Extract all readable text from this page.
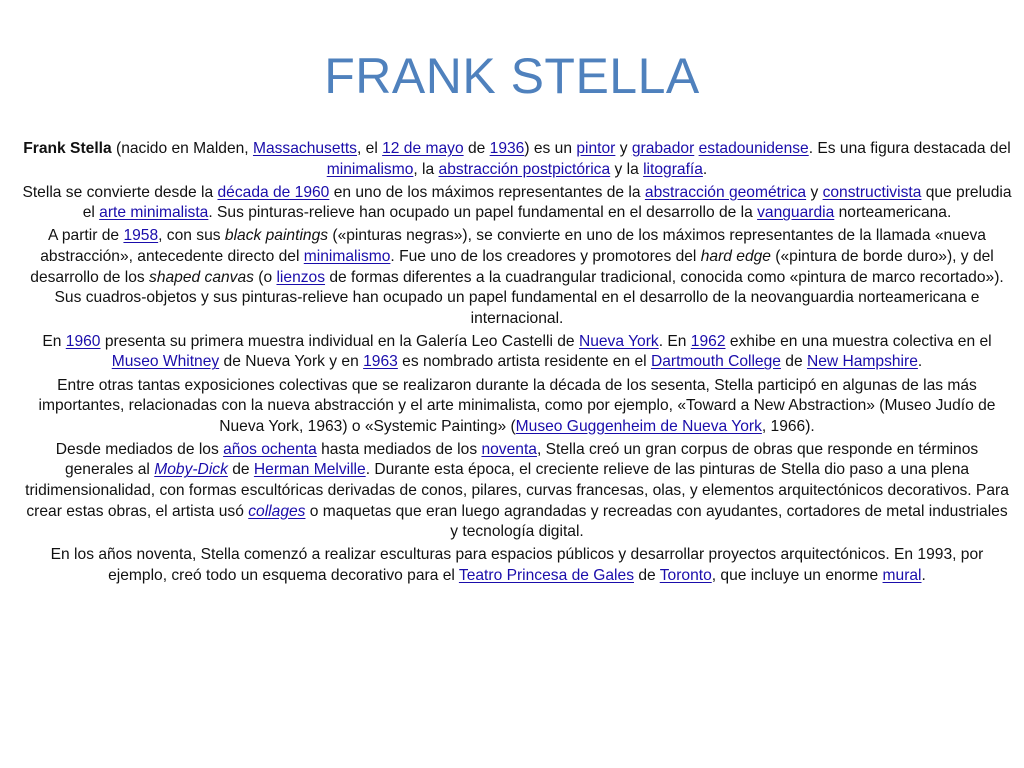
FRANK STELLA

Frank Stella (nacido en Malden, Massachusetts, el 12 de mayo de 1936) es un pintor y grabador estadounidense. Es una figura destacada del minimalismo, la abstracción postpictórica y la litografía.

Stella se convierte desde la década de 1960 en uno de los máximos representantes de la abstracción geométrica y constructivista que preludia el arte minimalista. Sus pinturas-relieve han ocupado un papel fundamental en el desarrollo de la vanguardia norteamericana.

A partir de 1958, con sus black paintings («pinturas negras»), se convierte en uno de los máximos representantes de la llamada «nueva abstracción», antecedente directo del minimalismo. Fue uno de los creadores y promotores del hard edge («pintura de borde duro»), y del desarrollo de los shaped canvas (o lienzos de formas diferentes a la cuadrangular tradicional, conocida como «pintura de marco recortado»). Sus cuadros-objetos y sus pinturas-relieve han ocupado un papel fundamental en el desarrollo de la neovanguardia norteamericana e internacional.

En 1960 presenta su primera muestra individual en la Galería Leo Castelli de Nueva York. En 1962 exhibe en una muestra colectiva en el Museo Whitney de Nueva York y en 1963 es nombrado artista residente en el Dartmouth College de New Hampshire.

Entre otras tantas exposiciones colectivas que se realizaron durante la década de los sesenta, Stella participó en algunas de las más importantes, relacionadas con la nueva abstracción y el arte minimalista, como por ejemplo, «Toward a New Abstraction» (Museo Judío de Nueva York, 1963) o «Systemic Painting» (Museo Guggenheim de Nueva York, 1966).

Desde mediados de los años ochenta hasta mediados de los noventa, Stella creó un gran corpus de obras que responde en términos generales al Moby-Dick de Herman Melville. Durante esta época, el creciente relieve de las pinturas de Stella dio paso a una plena tridimensionalidad, con formas escultóricas derivadas de conos, pilares, curvas francesas, olas, y elementos arquitectónicos decorativos. Para crear estas obras, el artista usó collages o maquetas que eran luego agrandadas y recreadas con ayudantes, cortadores de metal industriales y tecnología digital.

En los años noventa, Stella comenzó a realizar esculturas para espacios públicos y desarrollar proyectos arquitectónicos. En 1993, por ejemplo, creó todo un esquema decorativo para el Teatro Princesa de Gales de Toronto, que incluye un enorme mural.
